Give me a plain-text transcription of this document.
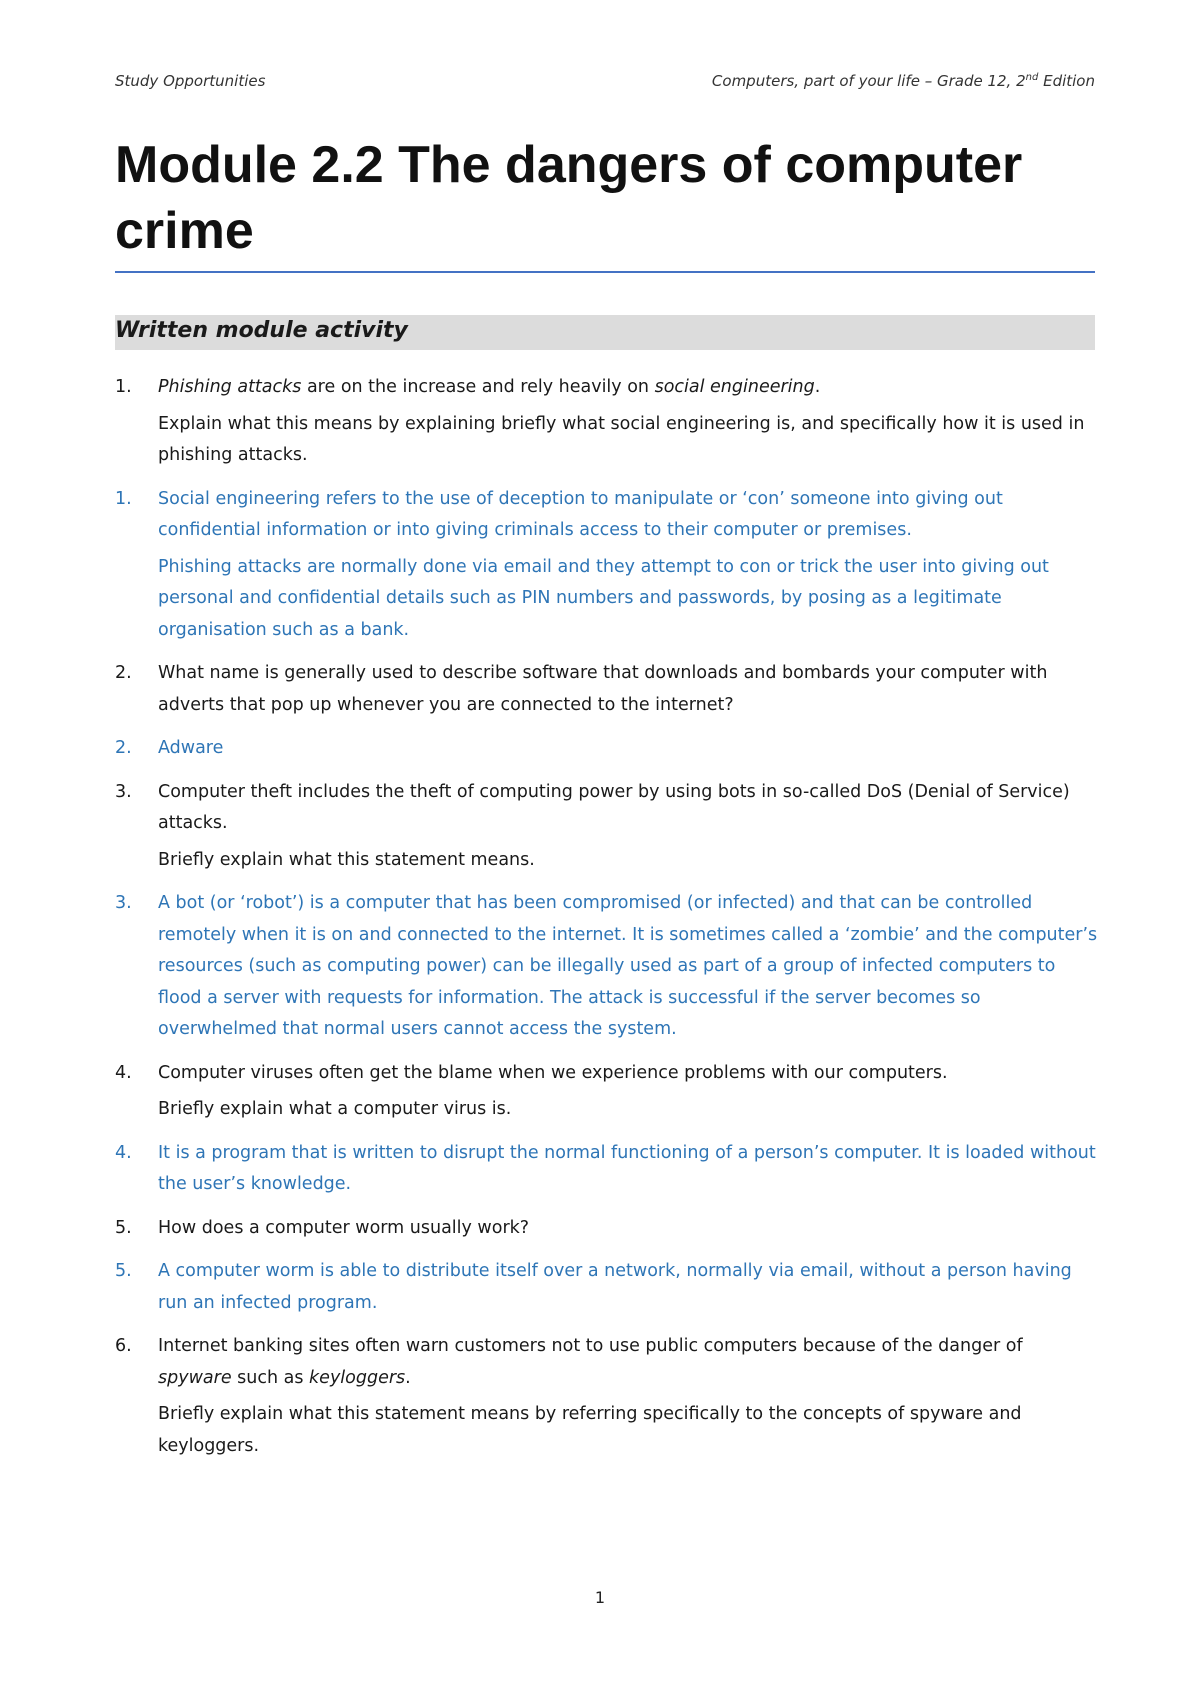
Study Opportunities	Computers, part of your life – Grade 12, 2nd Edition
Module 2.2 The dangers of computer crime
Written module activity
1.	Phishing attacks are on the increase and rely heavily on social engineering.

Explain what this means by explaining briefly what social engineering is, and specifically how it is used in phishing attacks.

1.	Social engineering refers to the use of deception to manipulate or ‘con’ someone into giving out confidential information or into giving criminals access to their computer or premises.

Phishing attacks are normally done via email and they attempt to con or trick the user into giving out personal and confidential details such as PIN numbers and passwords, by posing as a legitimate organisation such as a bank.

2.	What name is generally used to describe software that downloads and bombards your computer with adverts that pop up whenever you are connected to the internet?

2.	Adware

3.	Computer theft includes the theft of computing power by using bots in so-called DoS (Denial of Service) attacks.

Briefly explain what this statement means.

3.	A bot (or ‘robot’) is a computer that has been compromised (or infected) and that can be controlled remotely when it is on and connected to the internet. It is sometimes called a ‘zombie’ and the computer’s resources (such as computing power) can be illegally used as part of a group of infected computers to flood a server with requests for information. The attack is successful if the server becomes so overwhelmed that normal users cannot access the system.

4.	Computer viruses often get the blame when we experience problems with our computers.

Briefly explain what a computer virus is.

4.	It is a program that is written to disrupt the normal functioning of a person’s computer. It is loaded without the user’s knowledge.

5.	How does a computer worm usually work?

5.	A computer worm is able to distribute itself over a network, normally via email, without a person having run an infected program.

6.	Internet banking sites often warn customers not to use public computers because of the danger of spyware such as keyloggers.

Briefly explain what this statement means by referring specifically to the concepts of spyware and keyloggers.

1
